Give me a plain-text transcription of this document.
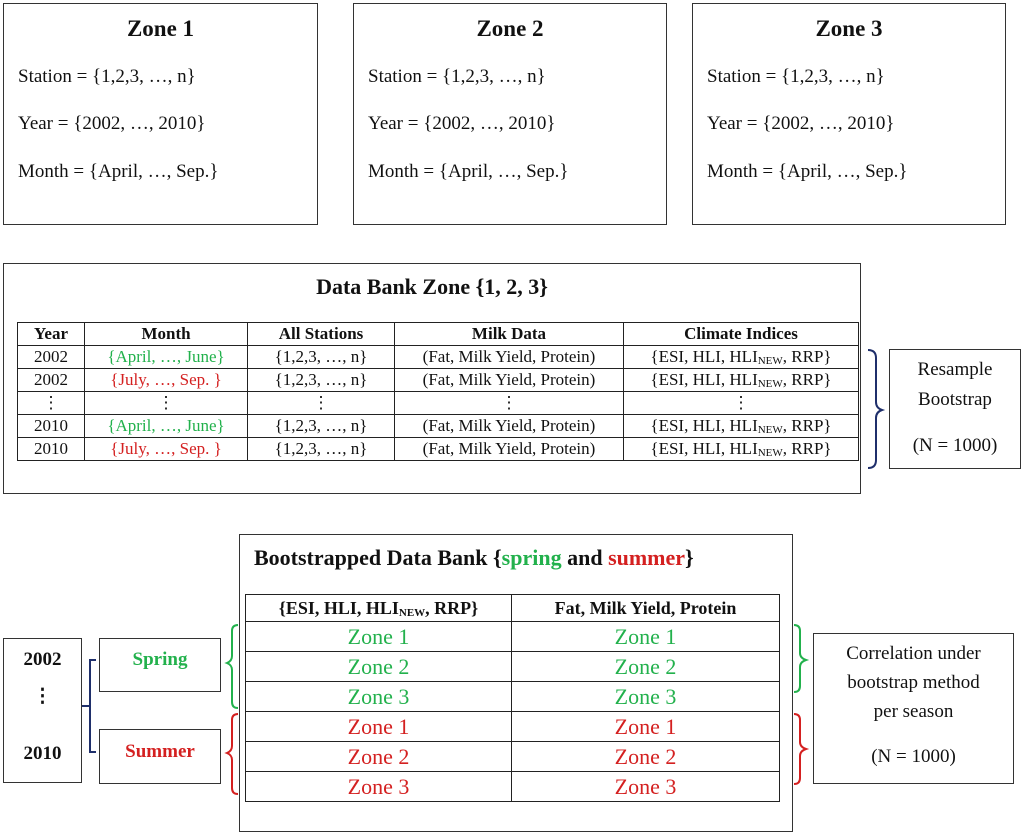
Zone 1
Station = {1,2,3, …, n}
Year = {2002, …, 2010}
Month = {April, …, Sep.}
Zone 2
Station = {1,2,3, …, n}
Year = {2002, …, 2010}
Month = {April, …, Sep.}
Zone 3
Station = {1,2,3, …, n}
Year = {2002, …, 2010}
Month = {April, …, Sep.}
Data Bank Zone {1, 2, 3}
Year	Month	All Stations	Milk Data	Climate Indices
2002	{April, …, June}	{1,2,3, …, n}	(Fat, Milk Yield, Protein)	{ESI, HLI, $HLI_{NEW}$, RRP}
2002	{July, …, Sep. }	{1,2,3, …, n}	(Fat, Milk Yield, Protein)	{ESI, HLI, $HLI_{NEW}$, RRP}
⋮	⋮	⋮	⋮	⋮
2010	{April, …, June}	{1,2,3, …, n}	(Fat, Milk Yield, Protein)	{ESI, HLI, $HLI_{NEW}$, RRP}
2010	{July, …, Sep. }	{1,2,3, …, n}	(Fat, Milk Yield, Protein)	{ESI, HLI, $HLI_{NEW}$, RRP}
Resample
Bootstrap
(N = 1000)
Bootstrapped Data Bank {spring and summer}
{ESI, HLI, $HLI_{NEW}$, RRP}	Fat, Milk Yield, Protein
Zone 1	Zone 1
Zone 2	Zone 2
Zone 3	Zone 3
Zone 1	Zone 1
Zone 2	Zone 2
Zone 3	Zone 3
2002
⋮
2010
Spring
Summer
Correlation under
bootstrap method
per season
(N = 1000)
